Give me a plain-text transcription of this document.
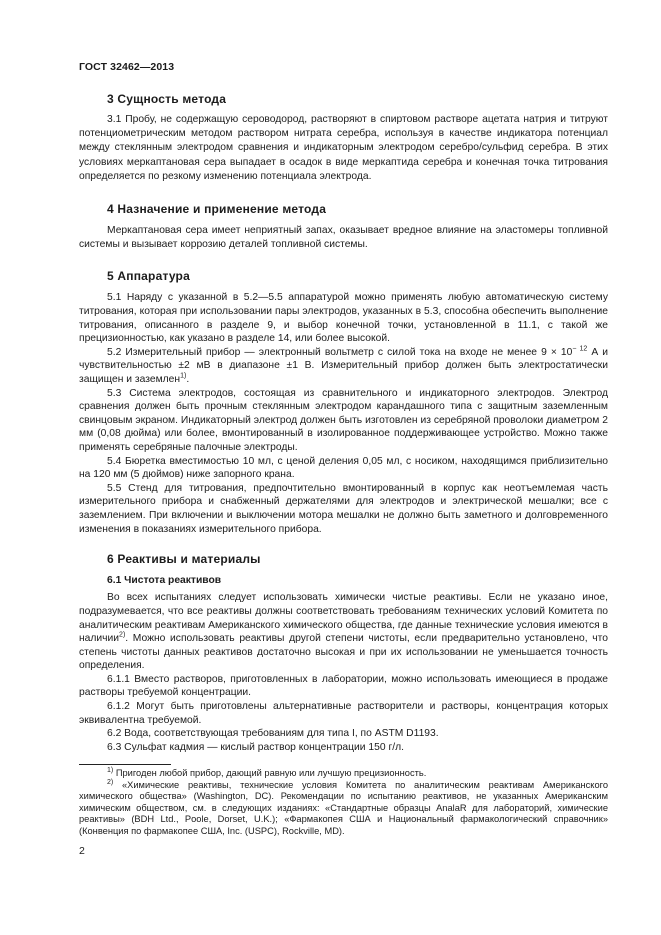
ГОСТ 32462—2013
3 Сущность метода

3.1 Пробу, не содержащую сероводород, растворяют в спиртовом растворе ацетата натрия и титруют потенциометрическим методом раствором нитрата серебра, используя в качестве индикатора потенциал между стеклянным электродом сравнения и индикаторным электродом серебро/сульфид серебра. В этих условиях меркаптановая сера выпадает в осадок в виде меркаптида серебра и конечная точка титрования определяется по резкому изменению потенциала электрода.

4 Назначение и применение метода

Меркаптановая сера имеет неприятный запах, оказывает вредное влияние на эластомеры топливной системы и вызывает коррозию деталей топливной системы.

5 Аппаратура

5.1 Наряду с указанной в 5.2—5.5 аппаратурой можно применять любую автоматическую систему титрования, которая при использовании пары электродов, указанных в 5.3, способна обеспечить выполнение титрования, описанного в разделе 9, и выбор конечной точки, установленной в 11.1, с такой же прецизионностью, как указано в разделе 14, или более высокой.

5.2 Измерительный прибор — электронный вольтметр с силой тока на входе не менее $9 \times 10^{- 12}$ А и чувствительностью ±2 мВ в диапазоне ±1 В. Измерительный прибор должен быть электростатически защищен и заземлен$^{1)}$.

5.3 Система электродов, состоящая из сравнительного и индикаторного электродов. Электрод сравнения должен быть прочным стеклянным электродом карандашного типа с защитным заземленным свинцовым экраном. Индикаторный электрод должен быть изготовлен из серебряной проволоки диаметром 2 мм (0,08 дюйма) или более, вмонтированный в изолированное поддерживающее устройство. Можно также применять серебряные палочные электроды.

5.4 Бюретка вместимостью 10 мл, с ценой деления 0,05 мл, с носиком, находящимся приблизительно на 120 мм (5 дюймов) ниже запорного крана.

5.5 Стенд для титрования, предпочтительно вмонтированный в корпус как неотъемлемая часть измерительного прибора и снабженный держателями для электродов и электрической мешалки; все с заземлением. При включении и выключении мотора мешалки не должно быть заметного и долговременного изменения в показаниях измерительного прибора.

6 Реактивы и материалы
6.1 Чистота реактивов

Во всех испытаниях следует использовать химически чистые реактивы. Если не указано иное, подразумевается, что все реактивы должны соответствовать требованиям технических условий Комитета по аналитическим реактивам Американского химического общества, где данные технические условия имеются в наличии$^{2)}$. Можно использовать реактивы другой степени чистоты, если предварительно установлено, что степень чистоты данных реактивов достаточно высокая и при их использовании не уменьшается точность определения.

6.1.1 Вместо растворов, приготовленных в лаборатории, можно использовать имеющиеся в продаже растворы требуемой концентрации.

6.1.2 Могут быть приготовлены альтернативные растворители и растворы, концентрация которых эквивалентна требуемой.

6.2 Вода, соответствующая требованиям для типа I, по ASTM D1193.

6.3 Сульфат кадмия — кислый раствор концентрации 150 г/л.

$^{1)}$ Пригоден любой прибор, дающий равную или лучшую прецизионность.

$^{2)}$ «Химические реактивы, технические условия Комитета по аналитическим реактивам Американского химического общества» (Washington, DC). Рекомендации по испытанию реактивов, не указанных Американским химическим обществом, см. в следующих изданиях: «Стандартные образцы AnalaR для лабораторий, химические реактивы» (BDH Ltd., Poole, Dorset, U.K.); «Фармакопея США и Национальный фармакологический справочник» (Конвенция по фармакопее США, Inc. (USPC), Rockville, MD).

2
